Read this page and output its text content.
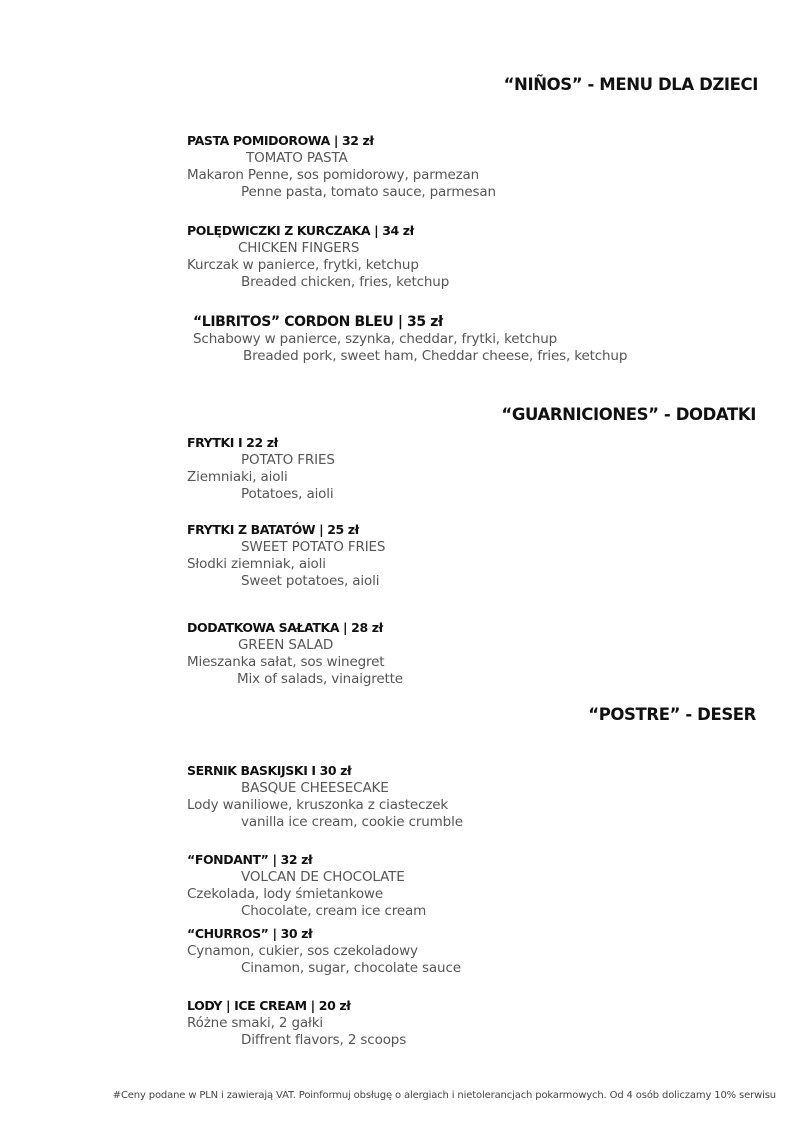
“NIÑOS” - MENU DLA DZIECI
PASTA POMIDOROWA | 32 zł
TOMATO PASTA
Makaron Penne, sos pomidorowy, parmezan
Penne pasta, tomato sauce, parmesan
POLĘDWICZKI Z KURCZAKA | 34 zł
CHICKEN FINGERS
Kurczak w panierce, frytki, ketchup
Breaded chicken, fries, ketchup
“LIBRITOS” CORDON BLEU | 35 zł
Schabowy w panierce, szynka, cheddar, frytki, ketchup
Breaded pork, sweet ham, Cheddar cheese, fries, ketchup
“GUARNICIONES” - DODATKI
FRYTKI I 22 zł
POTATO FRIES
Ziemniaki, aioli
Potatoes, aioli
FRYTKI Z BATATÓW | 25 zł
SWEET POTATO FRIES
Słodki ziemniak, aioli
Sweet potatoes, aioli
DODATKOWA SAŁATKA | 28 zł
GREEN SALAD
Mieszanka sałat, sos winegret
Mix of salads, vinaigrette
“POSTRE” - DESER
SERNIK BASKIJSKI I 30 zł
BASQUE CHEESECAKE
Lody waniliowe, kruszonka z ciasteczek
vanilla ice cream, cookie crumble
“FONDANT” | 32 zł
VOLCAN DE CHOCOLATE
Czekolada, lody śmietankowe
Chocolate, cream ice cream
“CHURROS” | 30 zł
Cynamon, cukier, sos czekoladowy
Cinamon, sugar, chocolate sauce
LODY | ICE CREAM | 20 zł
Różne smaki, 2 gałki
Diffrent flavors, 2 scoops
#Ceny podane w PLN i zawierają VAT. Poinformuj obsługę o alergiach i nietolerancjach pokarmowych. Od 4 osób doliczamy 10% serwisu
